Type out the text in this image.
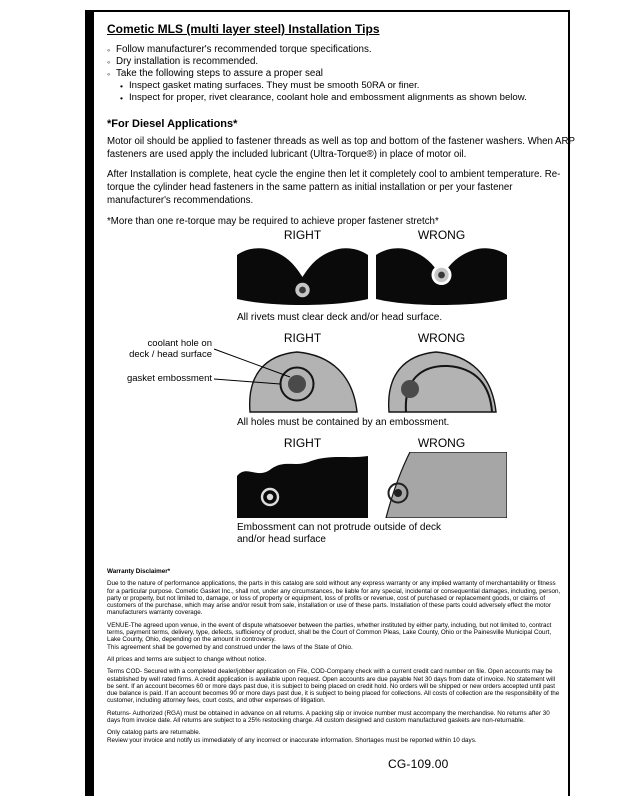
Cometic MLS (multi layer steel) Installation Tips
◦ Follow manufacturer's recommended torque specifications.
◦ Dry installation is recommended.
◦ Take the following steps to assure a proper seal
• Inspect gasket mating surfaces. They must be smooth 50RA or finer.
• Inspect for proper, rivet clearance, coolant hole and embossment alignments as shown below.
*For Diesel Applications*

Motor oil should be applied to fastener threads as well as top and bottom of the fastener washers. When ARP fasteners are used apply the included lubricant (Ultra-Torque®) in place of motor oil.

After Installation is complete, heat cycle the engine then let it completely cool to ambient temperature. Re-torque the cylinder head fasteners in the same pattern as initial installation or per your fastener manufacturer's recommendations.

*More than one re-torque may be required to achieve proper fastener stretch*

RIGHT	WRONG
All rivets must clear deck and/or head surface.
RIGHT	WRONG
All holes must be contained by an embossment.
RIGHT	WRONG
Embossment can not protrude outside of deck and/or head surface
coolant hole on
deck / head surface
gasket embossment
Warranty Disclaimer*

Due to the nature of performance applications, the parts in this catalog are sold without any express warranty or any implied warranty of merchantability or fitness for a particular purpose. Cometic Gasket Inc., shall not, under any circumstances, be liable for any special, incidental or consequential damages, including, person, party or property, but not limited to, damage, or loss of property or equipment, loss of profits or revenue, cost of purchased or replacement goods, or claims of customers of the purchase, which may arise and/or result from sale, installation or use of these parts. Installation of these parts could adversely effect the motor manufacturers warranty coverage.

VENUE-The agreed upon venue, in the event of dispute whatsoever between the parties, whether instituted by either party, including, but not limited to, contract terms, payment terms, delivery, type, defects, sufficiency of product, shall be the Court of Common Pleas, Lake County, Ohio or the Painesville Municipal Court, Lake County, Ohio, depending on the amount in controversy.

This agreement shall be governed by and construed under the laws of the State of Ohio.

All prices and terms are subject to change without notice.

Terms COD- Secured with a completed dealer/jobber application on File, COD-Company check with a current credit card number on file. Open accounts may be established by well rated firms. A credit application is available upon request. Open accounts are due payable Net 30 days from date of invoice. No statement will be sent. If an account becomes 60 or more days past due, it is subject to being placed on credit hold. No orders will be shipped or new orders accepted until past due balance is paid. If an account becomes 90 or more days past due, it is subject to being placed for collections. All costs of collection are the responsibility of the customer, including attorney fees, court costs, and other expenses of litigation.

Returns- Authorized (RGA) must be obtained in advance on all returns. A packing slip or invoice number must accompany the merchandise. No returns after 30 days from invoice date. All returns are subject to a 25% restocking charge. All custom designed and custom manufactured gaskets are non-returnable.

Only catalog parts are returnable.

Review your invoice and notify us immediately of any incorrect or inaccurate information. Shortages must be reported within 10 days.

CG-109.00
